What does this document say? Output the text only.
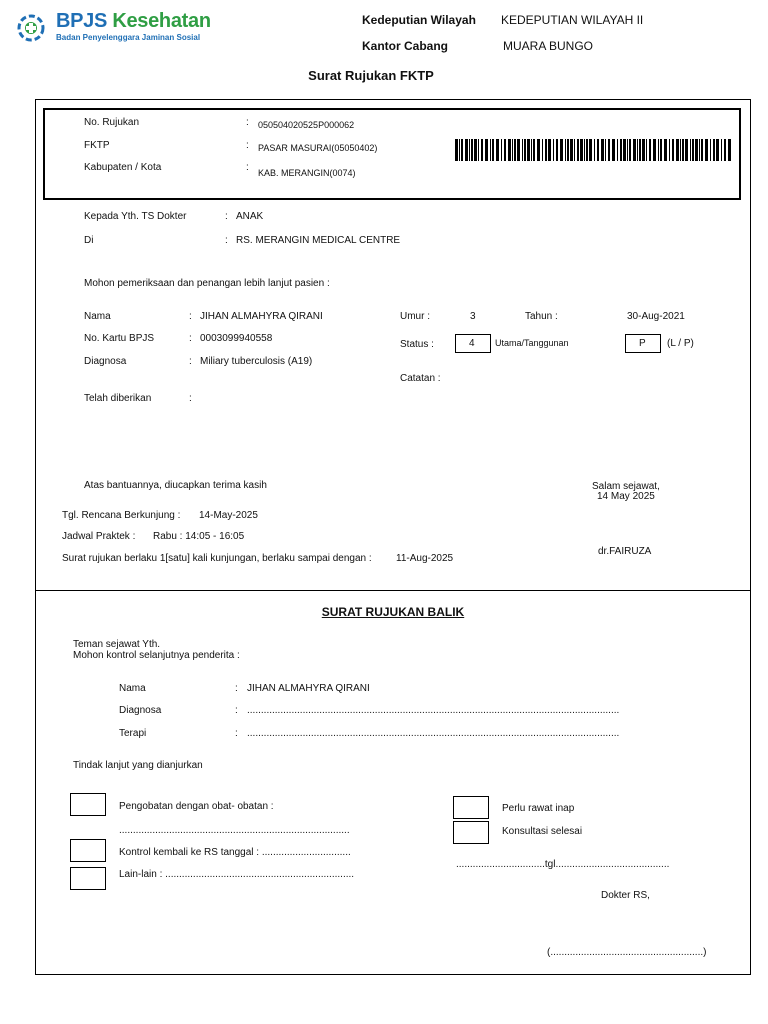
BPJS Kesehatan
Badan Penyelenggara Jaminan Sosial
Kedeputian Wilayah KEDEPUTIAN WILAYAH II
Kantor Cabang	MUARA BUNGO
Surat Rujukan FKTP
No. Rujukan	: 050504020525P000062
FKTP	: PASAR MASURAI(05050402)
Kabupaten / Kota	: KAB. MERANGIN(0074)
Kepada Yth. TS Dokter	: ANAK
Di	: RS. MERANGIN MEDICAL CENTRE
Mohon pemeriksaan dan penangan lebih lanjut pasien :
Nama	: JIHAN ALMAHYRA QIRANI
No. Kartu BPJS	: 0003099940558
Diagnosa	: Miliary tuberculosis (A19)
Telah diberikan	:
Umur :	3	Tahun :	30-Aug-2021
Status :	4 Utama/Tanggunan	P (L / P)
Catatan :
Atas bantuannya, diucapkan terima kasih	Salam sejawat,
14 May 2025
Tgl. Rencana Berkunjung : 14-May-2025
Jadwal Praktek : Rabu : 14:05 - 16:05
Surat rujukan berlaku 1[satu] kali kunjungan, berlaku sampai dengan : 11-Aug-2025
dr.FAIRUZA
SURAT RUJUKAN BALIK
Teman sejawat Yth.
Mohon kontrol selanjutnya penderita :
Nama	: JIHAN ALMAHYRA QIRANI
Diagnosa	: ......................................................................................................................................
Terapi	: ......................................................................................................................................
Tindak lanjut yang dianjurkan
Pengobatan dengan obat- obatan :
...................................................................................
Kontrol kembali ke RS tanggal : ................................
Lain-lain : ....................................................................
Perlu rawat inap
Konsultasi selesai
................................tgl.........................................
Dokter RS,
(.......................................................)
